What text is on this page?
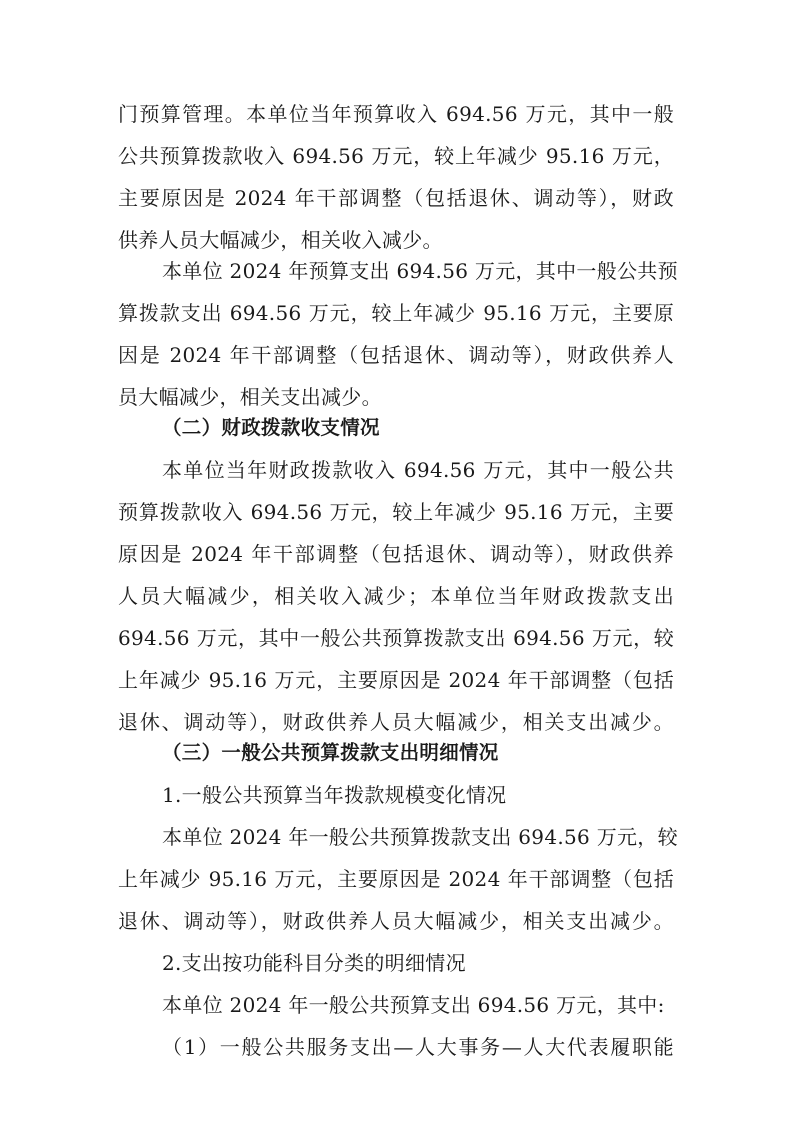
门预算管理。本单位当年预算收入 694.56 万元，其中一般
公共预算拨款收入 694.56 万元，较上年减少 95.16 万元，
主要原因是 2024 年干部调整（包括退休、调动等），财政
供养人员大幅减少，相关收入减少。
本单位 2024 年预算支出 694.56 万元，其中一般公共预
算拨款支出 694.56 万元，较上年减少 95.16 万元，主要原
因是 2024 年干部调整（包括退休、调动等），财政供养人
员大幅减少，相关支出减少。
（二）财政拨款收支情况
本单位当年财政拨款收入 694.56 万元，其中一般公共
预算拨款收入 694.56 万元，较上年减少 95.16 万元，主要
原因是 2024 年干部调整（包括退休、调动等），财政供养
人员大幅减少，相关收入减少；本单位当年财政拨款支出
694.56 万元，其中一般公共预算拨款支出 694.56 万元，较
上年减少 95.16 万元，主要原因是 2024 年干部调整（包括
退休、调动等），财政供养人员大幅减少，相关支出减少。
（三）一般公共预算拨款支出明细情况
1.一般公共预算当年拨款规模变化情况
本单位 2024 年一般公共预算拨款支出 694.56 万元，较
上年减少 95.16 万元，主要原因是 2024 年干部调整（包括
退休、调动等），财政供养人员大幅减少，相关支出减少。
2.支出按功能科目分类的明细情况
本单位 2024 年一般公共预算支出 694.56 万元，其中:
（1）一般公共服务支出—人大事务—人大代表履职能
